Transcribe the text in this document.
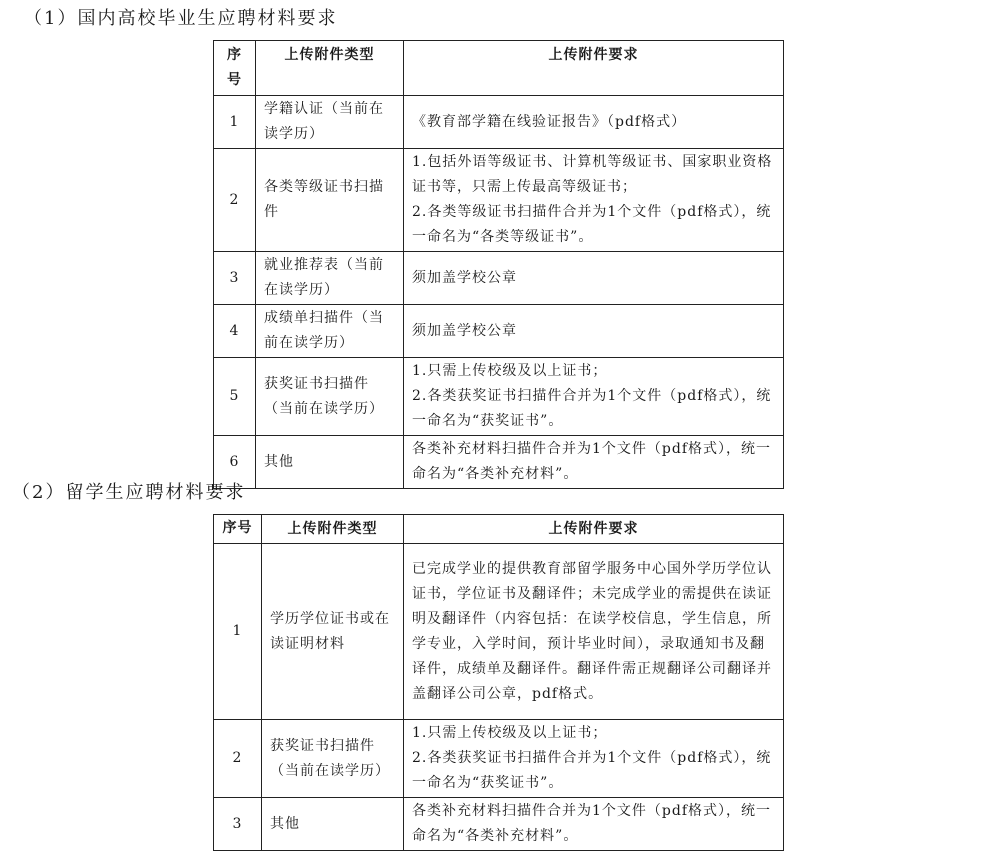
（1）国内高校毕业生应聘材料要求
序号	上传附件类型	上传附件要求
1	学籍认证（当前在读学历）	《教育部学籍在线验证报告》（pdf格式）

2	各类等级证书扫描件	1.包括外语等级证书、计算机等级证书、国家职业资格证书等，只需上传最高等级证书；
2.各类等级证书扫描件合并为1个文件（pdf格式），统一命名为“各类等级证书”。

3	就业推荐表（当前在读学历）	须加盖学校公章

4	成绩单扫描件（当前在读学历）	须加盖学校公章

5	获奖证书扫描件（当前在读学历）	1.只需上传校级及以上证书；
2.各类获奖证书扫描件合并为1个文件（pdf格式），统一命名为“获奖证书”。

6	其他	各类补充材料扫描件合并为1个文件（pdf格式），统一命名为“各类补充材料”。
（2）留学生应聘材料要求
序号	上传附件类型	上传附件要求
1	学历学位证书或在读证明材料	已完成学业的提供教育部留学服务中心国外学历学位认证书，学位证书及翻译件；未完成学业的需提供在读证明及翻译件（内容包括：在读学校信息，学生信息，所学专业，入学时间，预计毕业时间），录取通知书及翻译件，成绩单及翻译件。翻译件需正规翻译公司翻译并盖翻译公司公章，pdf格式。

2	获奖证书扫描件（当前在读学历）	1.只需上传校级及以上证书；
2.各类获奖证书扫描件合并为1个文件（pdf格式），统一命名为“获奖证书”。

3	其他	各类补充材料扫描件合并为1个文件（pdf格式），统一命名为“各类补充材料”。
